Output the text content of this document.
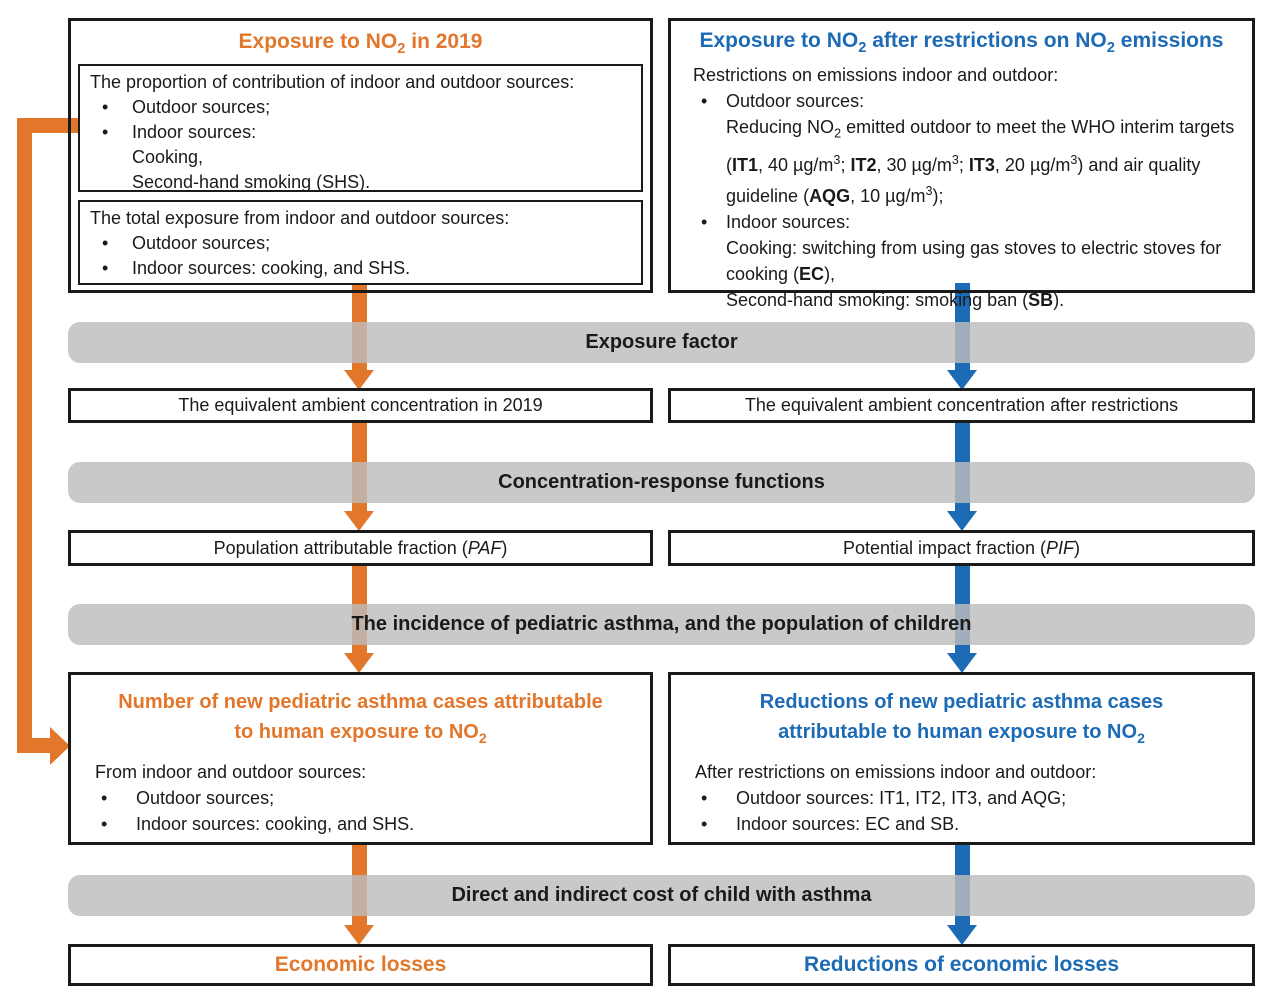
Exposure factor
Concentration-response functions
The incidence of pediatric asthma, and the population of children
Direct and indirect cost of child with asthma
Exposure to $NO_2$ in 2019
The proportion of contribution of indoor and outdoor sources:
•	Outdoor sources;
•	Indoor sources:
Cooking,
Second-hand smoking (SHS).
The total exposure from indoor and outdoor sources:
•	Outdoor sources;
•	Indoor sources: cooking, and SHS.
Exposure to $NO_2$ after restrictions on $NO_2$ emissions
Restrictions on emissions indoor and outdoor:
•	Outdoor sources:
Reducing $NO_2$ emitted outdoor to meet the WHO interim targets (IT1, 40 $\mu g/m^3$; IT2, 30 $\mu g/m^3$; IT3, 20 $\mu g/m^3$) and air quality guideline (AQG, 10 $\mu g/m^3$);
•	Indoor sources:
Cooking: switching from using gas stoves to electric stoves for cooking (EC),
Second-hand smoking: smoking ban (SB).
The equivalent ambient concentration in 2019	The equivalent ambient concentration after restrictions
Population attributable fraction (PAF)	Potential impact fraction (PIF)
Number of new pediatric asthma cases attributable
to human exposure to $NO_2$
From indoor and outdoor sources:
•	Outdoor sources;
•	Indoor sources: cooking, and SHS.
Reductions of new pediatric asthma cases
attributable to human exposure to $NO_2$
After restrictions on emissions indoor and outdoor:
•	Outdoor sources: IT1, IT2, IT3, and AQG;
•	Indoor sources: EC and SB.
Economic losses	Reductions of economic losses
